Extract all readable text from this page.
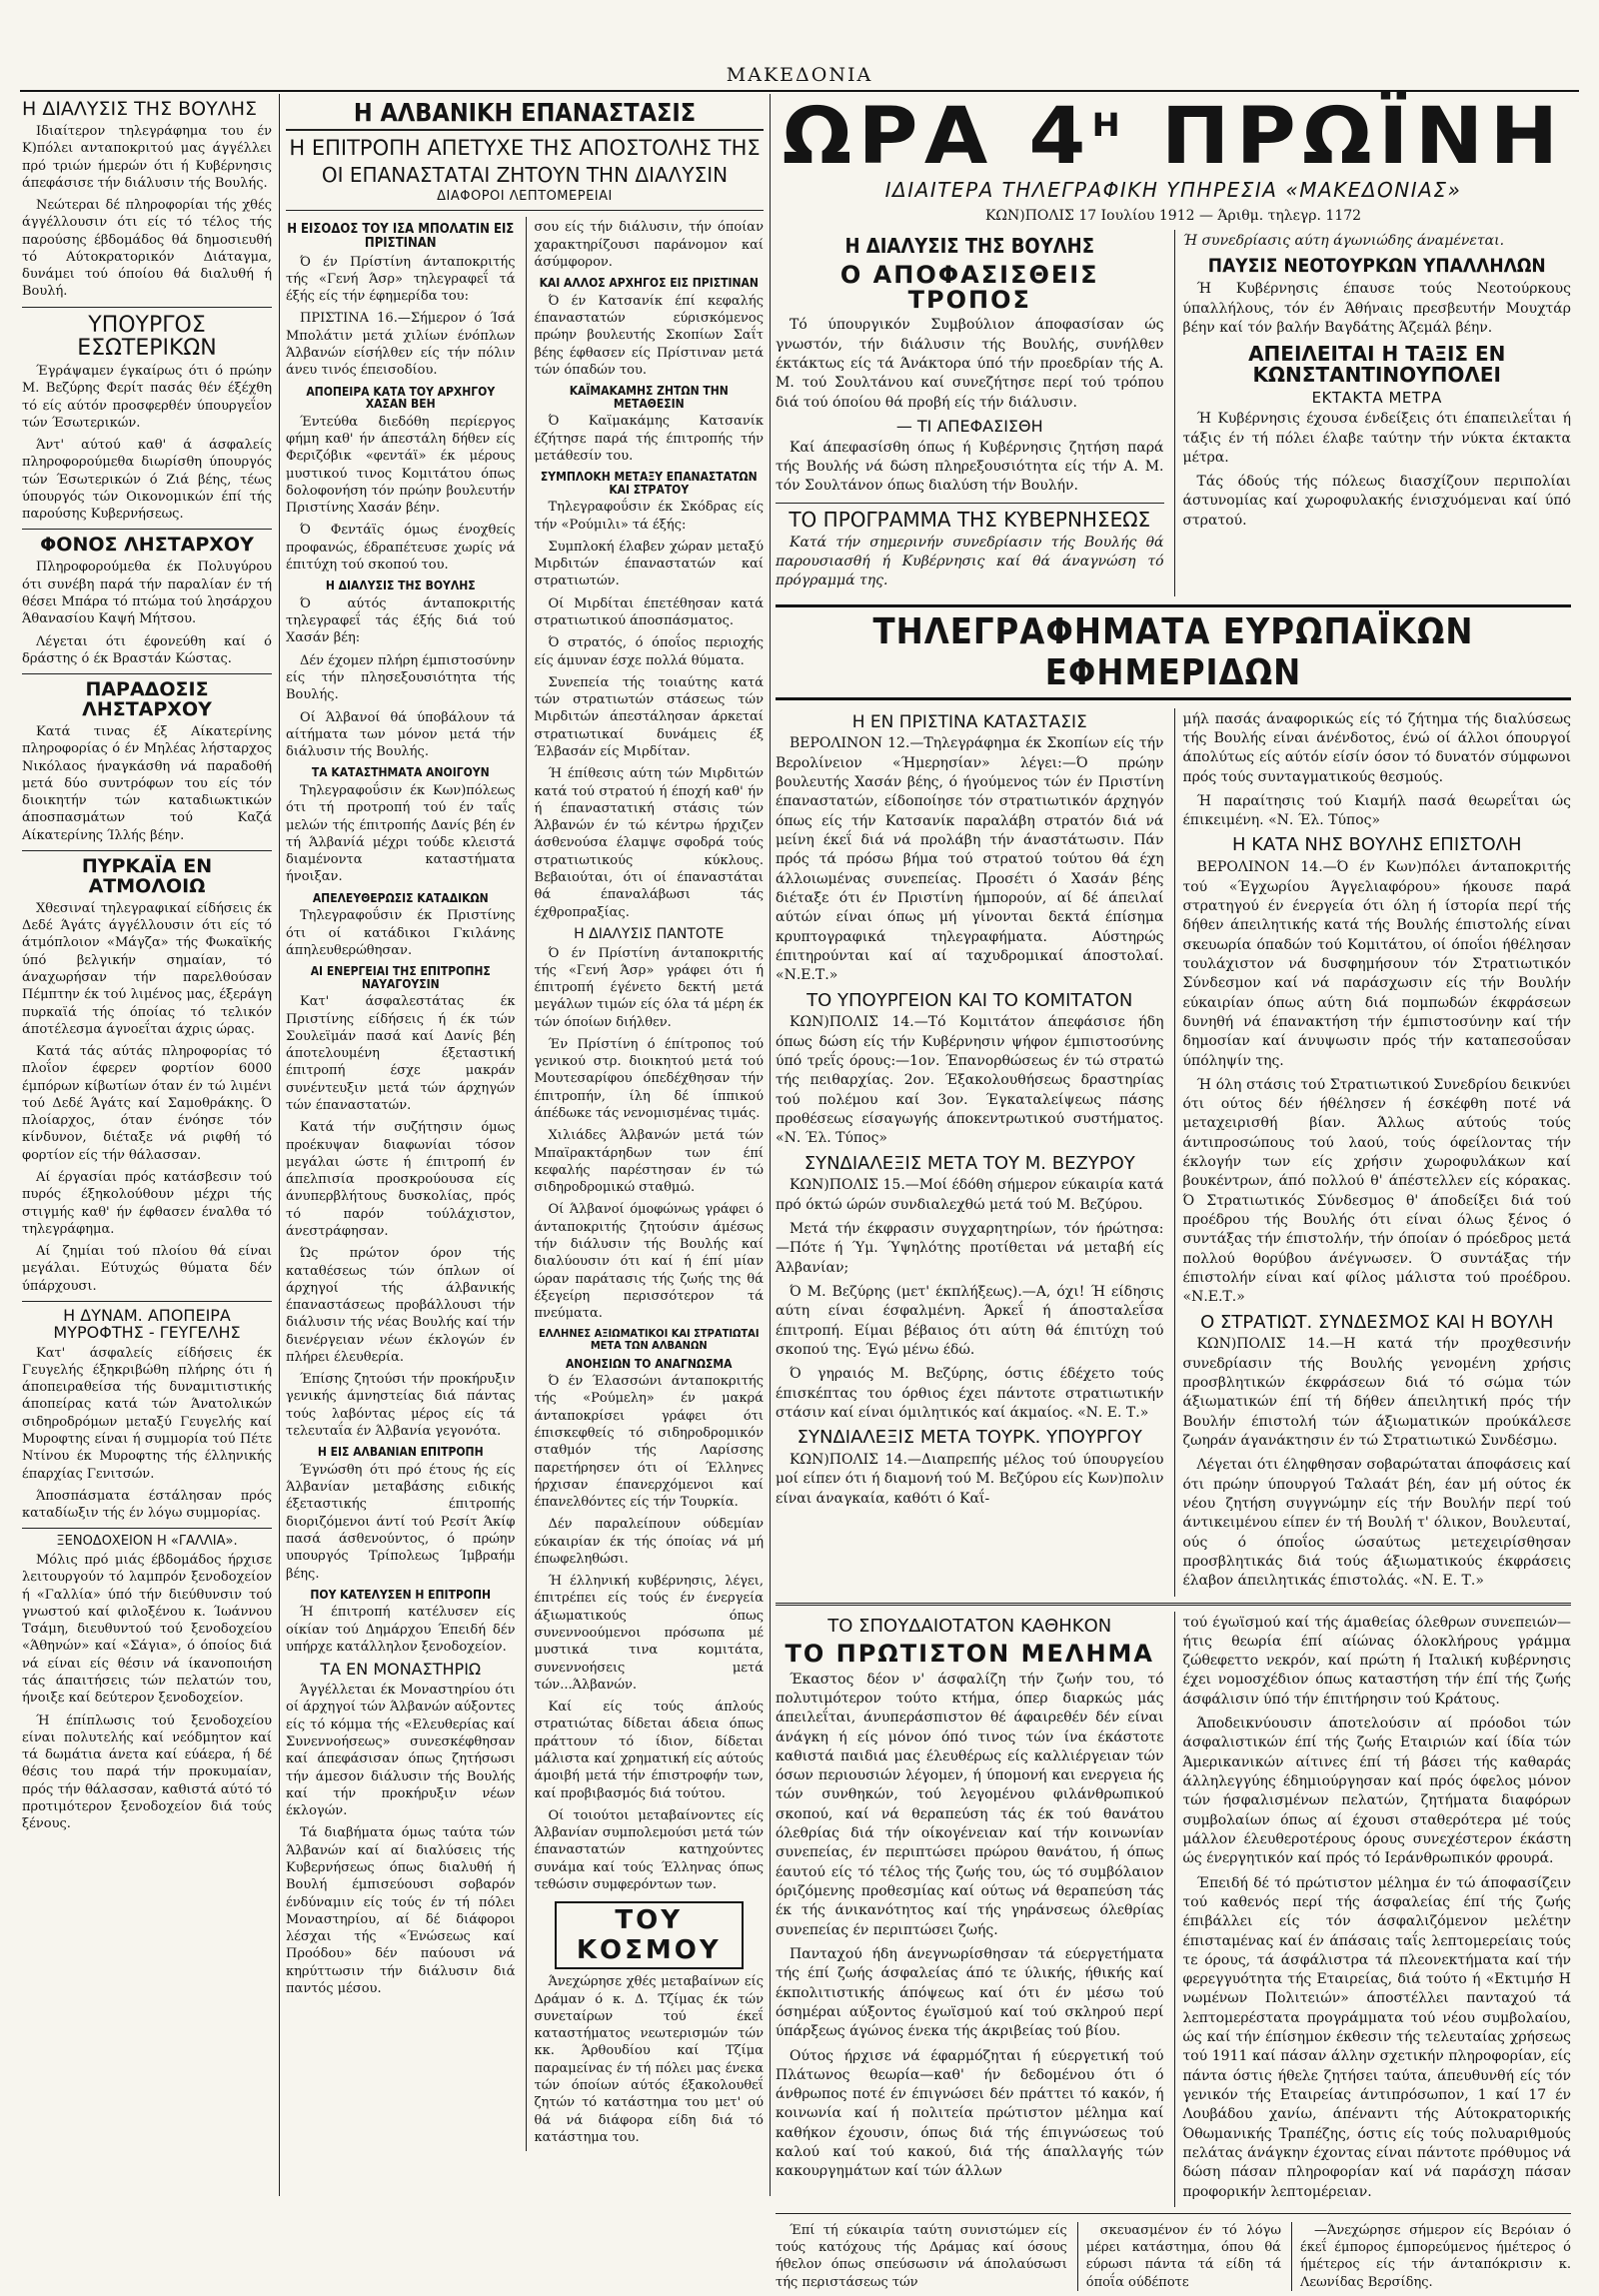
ΜΑΚΕΔΟΝΙΑ
Η ΔΙΑΛΥΣΙΣ ΤΗΣ ΒΟΥΛΗΣ

Ιδιαίτερον τηλεγράφημα του έν Κ)πόλει ανταποκριτού μας άγγέλλει πρό τριών ήμερών ότι ή Κυβέρνησις άπεφάσισε τήν διάλυσιν τής Βουλής.

Νεώτεραι δέ πληροφορίαι τής χθές άγγέλλουσιν ότι είς τό τέλος τής παρούσης έβδομάδος θά δημοσιευθή τό Αύτοκρατορικόν Διάταγμα, δυνάμει τού όποίου θά διαλυθή ή Βουλή.

ΥΠΟΥΡΓΟΣ ΕΣΩΤΕΡΙΚΩΝ

Έγράψαμεν έγκαίρως ότι ό πρώην Μ. Βεζύρης Φερίτ πασάς θέν έξέχθη τό είς αύτόν προσφερθέν ύπουργεΐον τών Έσωτερικών.

Άντ' αύτού καθ' ά άσφαλείς πληροφορούμεθα διωρίσθη ύπουργός τών Έσωτερικών ό Ζιά βέης, τέως ύπουργός τών Οικονομικών έπί τής παρούσης Κυβερνήσεως.

ΦΟΝΟΣ ΛΗΣΤΑΡΧΟΥ

Πληροφορούμεθα έκ Πολυγύρου ότι συνέβη παρά τήν παραλίαν έν τή θέσει Μπάρα τό πτώμα τού λησάρχου Άθανασίου Καψή Μήτσου.

Λέγεται ότι έφονεύθη καί ό δράστης ό έκ Βραστάν Κώστας.

ΠΑΡΑΔΟΣΙΣ ΛΗΣΤΑΡΧΟΥ

Κατά τινας έξ Αίκατερίνης πληροφορίας ό έν Μηλέας λήσταρχος Νικόλαος ήναγκάσθη νά παραδοθή μετά δύο συντρόφων του είς τόν διοικητήν τών καταδιωκτικών άποσπασμάτων τού Καζά Αίκατερίνης Ίλλής βέην.

ΠΥΡΚΑΪΑ ΕΝ ΑΤΜΟΛΟΙΩ

Χθεσιναί τηλεγραφικαί είδήσεις έκ Δεδέ Άγάτς άγγέλλουσιν ότι είς τό άτμόπλοιον «Μάγζα» τής Φωκαϊκής ύπό βελγικήν σημαίαν, τό άναχωρήσαν τήν παρελθούσαν Πέμπτην έκ τού λιμένος μας, έξεράγη πυρκαϊά τής όποίας τό τελικόν άποτέλεσμα άγνοεΐται άχρις ώρας.

Κατά τάς αύτάς πληροφορίας τό πλοΐον έφερεν φορτίον 6000 έμπόρων κίβωτίων όταν έν τώ λιμένι τού Δεδέ Άγάτς καί Σαμοθράκης. Ό πλοίαρχος, όταν ένόησε τόν κίνδυνον, διέταξε νά ριφθή τό φορτίον είς τήν θάλασσαν.

Αί έργασίαι πρός κατάσβεσιν τού πυρός έξηκολούθουν μέχρι τής στιγμής καθ' ήν έφθασεν έναλθα τό τηλεγράφημα.

Αί ζημίαι τού πλοίου θά είναι μεγάλαι. Εύτυχώς θύματα δέν ύπάρχουσι.

Η ΔΥΝΑΜ. ΑΠΟΠΕΙΡΑ ΜΥΡΟΦΤΗΣ - ΓΕΥΓΕΛΗΣ

Κατ' άσφαλείς είδήσεις έκ Γευγελής έξηκριβώθη πλήρης ότι ή άποπειραθείσα τής δυναμιτιστικής άποπείρας κατά τών Άνατολικών σιδηροδρόμων μεταξύ Γευγελής καί Μυροφτης είναι ή συμμορία τού Πέτε Ντίνου έκ Μυροφτης τής έλληνικής έπαρχίας Γενιτσών.

Άποσπάσματα έστάλησαν πρός καταδίωξιν τής έν λόγω συμμορίας.

ΞΕΝΟΔΟΧΕΙΟΝ Η «ΓΑΛΛΙΑ».

Μόλις πρό μιάς έβδομάδος ήρχισε λειτουργούν τό λαμπρόν ξενοδοχείον ή «Γαλλία» ύπό τήν διεύθυνσιν τού γνωστού καί φιλοξένου κ. Ίωάννου Τσάμη, διευθυντού τού ξενοδοχείου «Άθηνών» καί «Σάγια», ό όποίος διά νά είναι είς θέσιν νά ίκανοποιήση τάς άπαιτήσεις τών πελατών του, ήνοιξε καί δεύτερον ξενοδοχείον.

Ή έπίπλωσις τού ξενοδοχείου είναι πολυτελής καί νεόδμητον καί τά δωμάτια άνετα καί εύάερα, ή δέ θέσις του παρά τήν προκυμαίαν, πρός τήν θάλασσαν, καθιστά αύτό τό προτιμότερον ξενοδοχείον διά τούς ξένους.

Η ΑΛΒΑΝΙΚΗ ΕΠΑΝΑΣΤΑΣΙΣ
Η ΕΠΙΤΡΟΠΗ ΑΠΕΤΥΧΕ ΤΗΣ ΑΠΟΣΤΟΛΗΣ ΤΗΣ
ΟΙ ΕΠΑΝΑΣΤΑΤΑΙ ΖΗΤΟΥΝ ΤΗΝ ΔΙΑΛΥΣΙΝ
ΔΙΑΦΟΡΟΙ ΛΕΠΤΟΜΕΡΕΙΑΙ
Η ΕΙΣΟΔΟΣ ΤΟΥ ΙΣΑ ΜΠΟΛΑΤΙΝ ΕΙΣ ΠΡΙΣΤΙΝΑΝ

Ό έν Πρίστίνη άνταποκριτής τής «Γενή Άσρ» τηλεγραφεΐ τά έξής είς τήν έφημερίδα του:

ΠΡΙΣΤΙΝΑ 16.—Σήμερον ό Ίσά Μπολάτιν μετά χιλίων ένόπλων Άλβανών είσήλθεν είς τήν πόλιν άνευ τινός έπεισοδίου.

ΑΠΟΠΕΙΡΑ ΚΑΤΑ ΤΟΥ ΑΡΧΗΓΟΥ ΧΑΣΑΝ ΒΕΗ

Έντεύθα διεδόθη περίεργος φήμη καθ' ήν άπεστάλη δήθεν είς Φεριζόβικ «φεντάϊ» έκ μέρους μυστικού τινος Κομιτάτου όπως δολοφονήση τόν πρώην βουλευτήν Πριστίνης Χασάν βέην.

Ό Φεντάϊς όμως ένοχθείς προφανώς, έδραπέτευσε χωρίς νά έπιτύχη τού σκοπού του.

Η ΔΙΑΛΥΣΙΣ ΤΗΣ ΒΟΥΛΗΣ

Ό αύτός άνταποκριτής τηλεγραφεΐ τάς έξής διά τού Χασάν βέη:

Δέν έχομεν πλήρη έμπιστοσύνην είς τήν πλησεξουσιότητα τής Βουλής.

Οί Άλβανοί θά ύποβάλουν τά αίτήματα των μόνον μετά τήν διάλυσιν τής Βουλής.

ΤΑ ΚΑΤΑΣΤΗΜΑΤΑ ΑΝΟΙΓΟΥΝ

Τηλεγραφοΰσιν έκ Κων)πόλεως ότι τή προτροπή τού έν ταΐς μελών τής έπιτροπής Δανίς βέη έν τή Άλβανίά μέχρι τούδε κλειστά διαμένοντα καταστήματα ήνοιξαν.

ΑΠΕΛΕΥΘΕΡΩΣΙΣ ΚΑΤΑΔΙΚΩΝ

Τηλεγραφοΰσιν έκ Πριστίνης ότι οί κατάδικοι Γκιλάνης άπηλευθερώθησαν.

ΑΙ ΕΝΕΡΓΕΙΑΙ ΤΗΣ ΕΠΙΤΡΟΠΗΣ ΝΑΥΑΓΟΥΣΙΝ

Κατ' άσφαλεστάτας έκ Πριστίνης είδήσεις ή έκ τών Σουλεϊμάν πασά καί Δανίς βέη άποτελουμένη έξεταστική έπιτροπή έσχε μακράν συνέντευξιν μετά τών άρχηγών τών έπαναστατών.

Κατά τήν συζήτησιν όμως προέκυψαν διαφωνίαι τόσον μεγάλαι ώστε ή έπιτροπή έν άπελπισία προσκρούουσα είς άνυπερβλήτους δυσκολίας, πρός τό παρόν τούλάχιστον, άνεστράφησαν.

Ώς πρώτον όρον τής καταθέσεως τών όπλων οί άρχηγοί τής άλβανικής έπαναστάσεως προβάλλουσι τήν διάλυσιν τής νέας Βουλής καί τήν διενέργειαν νέων έκλογών έν πλήρει έλευθερία.

Έπίσης ζητούσι τήν προκήρυξιν γενικής άμνηστείας διά πάντας τούς λαβόντας μέρος είς τά τελευταΐα έν Άλβανία γεγονότα.

Η ΕΙΣ ΑΛΒΑΝΙΑΝ ΕΠΙΤΡΟΠΗ

Έγνώσθη ότι πρό έτους ής είς Άλβανίαν μεταβάσης ειδικής έξεταστικής έπιτροπής διοριζόμενοι άντί τού Ρεσίτ Άκίφ πασά άσθενούντος, ό πρώην υπουργός Τρίπολεως Ίμβραήμ βέης.

ΠΟΥ ΚΑΤΕΛΥΣΕΝ Η ΕΠΙΤΡΟΠΗ

Ή έπιτροπή κατέλυσεν είς οίκίαν τού Δημάρχου Έπειδή δέν υπήρχε κατάλληλον ξενοδοχείον.

ΤΑ ΕΝ ΜΟΝΑΣΤΗΡΙΩ

Άγγέλλεται έκ Μοναστηρίου ότι οί άρχηγοί τών Άλβανών αύξοντες είς τό κόμμα τής «Ελευθερίας καί Συνεννοήσεως» συνεσκέφθησαν καί άπεφάσισαν όπως ζητήσωσι τήν άμεσον διάλυσιν τής Βουλής καί τήν προκήρυξιν νέων έκλογών.

Τά διαβήματα όμως ταύτα τών Άλβανών καί αί διαλύσεις τής Κυβερνήσεως όπως διαλυθή ή Βουλή έμπισεύουσι σοβαρόν ένδύναμιν είς τούς έν τή πόλει Μοναστηρίου, αί δέ διάφοροι λέσχαι τής «Ένώσεως καί Προόδου» δέν παύουσι νά κηρύττωσιν τήν διάλυσιν διά παντός μέσου.

σου είς τήν διάλυσιν, τήν όποίαν χαρακτηρίζουσι παράνομον καί άσύμφορον.

ΚΑΙ ΑΛΛΟΣ ΑΡΧΗΓΟΣ ΕΙΣ ΠΡΙΣΤΙΝΑΝ

Ό έν Κατσανίκ έπί κεφαλής έπαναστατών εύρισκόμενος πρώην βουλευτής Σκοπίων Σαΐτ βέης έφθασεν είς Πρίστιναν μετά τών όπαδών του.

ΚΑΪΜΑΚΑΜΗΣ ΖΗΤΩΝ ΤΗΝ ΜΕΤΑΘΕΣΙΝ

Ό Καϊμακάμης Κατσανίκ έζήτησε παρά τής έπιτροπής τήν μετάθεσίν του.

ΣΥΜΠΛΟΚΗ ΜΕΤΑΞΥ ΕΠΑΝΑΣΤΑΤΩΝ ΚΑΙ ΣΤΡΑΤΟΥ

Τηλεγραφοΰσιν έκ Σκόδρας είς τήν «Ρούμιλι» τά έξής:

Συμπλοκή έλαβεν χώραν μεταξύ Μιρδιτών έπαναστατών καί στρατιωτών.

Οί Μιρδίται έπετέθησαν κατά στρατιωτικού άποσπάσματος.

Ό στρατός, ό όποΐος περιοχής είς άμυναν έσχε πολλά θύματα.

Συνεπεία τής τοιαύτης κατά τών στρατιωτών στάσεως τών Μιρδιτών άπεστάλησαν άρκεταί στρατιωτικαί δυνάμεις έξ Έλβασάν είς Μιρδίταν.

Ή έπίθεσις αύτη τών Μιρδιτών κατά τού στρατού ή έποχή καθ' ήν ή έπαναστατική στάσις τών Άλβανών έν τώ κέντρω ήρχιζεν άσθενούσα έλαμψε σφοδρά τούς στρατιωτικούς κύκλους. Βεβαιούται, ότι οί έπαναστάται θά έπαναλάβωσι τάς έχθροπραξίας.

Η ΔΙΑΛΥΣΙΣ ΠΑΝΤΟΤΕ

Ό έν Πρίστίνη άνταποκριτής τής «Γενή Άσρ» γράφει ότι ή έπιτροπή έγένετο δεκτή μετά μεγάλων τιμών είς όλα τά μέρη έκ τών όποίων διήλθεν.

Έν Πρίστίνη ό έπίτροπος τού γενικού στρ. διοικητού μετά τού Μουτεσαρίφου όπεδέχθησαν τήν έπιτροπήν, ίλη δέ ίππικού άπέδωκε τάς νενομισμένας τιμάς.

Χιλιάδες Άλβανών μετά τών Μπαϊρακτάρηδων των έπί κεφαλής παρέστησαν έν τώ σιδηροδρομικώ σταθμώ.

Οί Άλβανοί όμοφώνως γράφει ό άνταποκριτής ζητούσιν άμέσως τήν διάλυσιν τής Βουλής καί διαλύουσιν ότι καί ή έπί μίαν ώραν παράτασις τής ζωής της θά έξεγείρη περισσότερον τά πνεύματα.

ΕΛΛΗΝΕΣ ΑΞΙΩΜΑΤΙΚΟΙ ΚΑΙ ΣΤΡΑΤΙΩΤΑΙ ΜΕΤΑ ΤΩΝ ΑΛΒΑΝΩΝ
ΑΝΟΗΣΙΩΝ ΤΟ ΑΝΑΓΝΩΣΜΑ

Ό έν Έλασσώνι άνταποκριτής τής «Ρούμελη» έν μακρά άνταποκρίσει γράφει ότι έπισκεφθείς τό σιδηροδρομικόν σταθμόν τής Λαρίσσης παρετήρησεν ότι οί Έλληνες ήρχισαν έπανερχόμενοι καί έπανελθόντες είς τήν Τουρκία.

Δέν παραλείπουν ούδεμίαν εύκαιρίαν έκ τής όποίας νά μή έπωφεληθώσι.

Ή έλληνική κυβέρνησις, λέγει, έπιτρέπει είς τούς έν ένεργεία άξιωματικούς όπως συνεννοούμενοι πρόσωπα μέ μυστικά τινα κομιτάτα, συνεννοήσεις μετά τών...Άλβανών.

Καί είς τούς άπλούς στρατιώτας δίδεται άδεια όπως πράττουν τό ίδιον, δίδεται μάλιστα καί χρηματική είς αύτούς άμοιβή μετά τήν έπιστροφήν των, καί προβιβασμός διά τούτου.

Οί τοιούτοι μεταβαίνοντες είς Άλβανίαν συμπολεμούσι μετά τών έπαναστατών κατηχούντες συνάμα καί τούς Έλληνας όπως τεθώσιν συμφερόντων των.

ΤΟΥ ΚΟΣΜΟΥ

Άνεχώρησε χθές μεταβαίνων είς Δράμαν ό κ. Δ. Τζίμας έκ τών συνεταίρων τού έκεΐ καταστήματος νεωτερισμών τών κκ. Άρθουδίου καί Τζίμα παραμείνας έν τή πόλει μας ένεκα τών όποίων αύτός έξακολουθεΐ ζητών τό κατάστημα του μετ' ού θά νά διάφορα είδη διά τό κατάστημα του.

ΩΡΑ $4^H$ ΠΡΩΪΝΗ
ΙΔΙΑΙΤΕΡΑ ΤΗΛΕΓΡΑΦΙΚΗ ΥΠΗΡΕΣΙΑ «ΜΑΚΕΔΟΝΙΑΣ»
ΚΩΝ)ΠΟΛΙΣ 17 Ιουλίου 1912 — Άριθμ. τηλεγρ. 1172
Η ΔΙΑΛΥΣΙΣ ΤΗΣ ΒΟΥΛΗΣ
Ο ΑΠΟΦΑΣΙΣΘΕΙΣ ΤΡΟΠΟΣ

Τό ύπουργικόν Συμβούλιον άποφασίσαν ώς γνωστόν, τήν διάλυσιν τής Βουλής, συνήλθεν έκτάκτως είς τά Άνάκτορα ύπό τήν προεδρίαν τής Α. Μ. τού Σουλτάνου καί συνεζήτησε περί τού τρόπου διά τού όποίου θά προβή είς τήν διάλυσιν.

— ΤΙ ΑΠΕΦΑΣΙΣΘΗ

Καί άπεφασίσθη όπως ή Κυβέρνησις ζητήση παρά τής Βουλής νά δώση πληρεξουσιότητα είς τήν Α. Μ. τόν Σουλτάνον όπως διαλύση τήν Βουλήν.

ΤΟ ΠΡΟΓΡΑΜΜΑ ΤΗΣ ΚΥΒΕΡΝΗΣΕΩΣ

Κατά τήν σημερινήν συνεδρίασιν τής Βουλής θά παρουσιασθή ή Κυβέρνησις καί θά άναγνώση τό πρόγραμμά της.

Ή συνεδρίασις αύτη άγωνιώδης άναμένεται.

ΠΑΥΣΙΣ ΝΕΟΤΟΥΡΚΩΝ ΥΠΑΛΛΗΛΩΝ

Ή Κυβέρνησις έπαυσε τούς Νεοτούρκους ύπαλλήλους, τόν έν Άθήναις πρεσβευτήν Μουχτάρ βέην καί τόν βαλήν Βαγδάτης Άζεμάλ βέην.

ΑΠΕΙΛΕΙΤΑΙ Η ΤΑΞΙΣ ΕΝ ΚΩΝΣΤΑΝΤΙΝΟΥΠΟΛΕΙ
ΕΚΤΑΚΤΑ ΜΕΤΡΑ

Ή Κυβέρνησις έχουσα ένδείξεις ότι έπαπειλεΐται ή τάξις έν τή πόλει έλαβε ταύτην τήν νύκτα έκτακτα μέτρα.

Τάς όδούς τής πόλεως διασχίζουν περιπολίαι άστυνομίας καί χωροφυλακής ένισχυόμεναι καί ύπό στρατού.

ΤΗΛΕΓΡΑΦΗΜΑΤΑ ΕΥΡΩΠΑΪΚΩΝ ΕΦΗΜΕΡΙΔΩΝ
Η ΕΝ ΠΡΙΣΤΙΝΑ ΚΑΤΑΣΤΑΣΙΣ

ΒΕΡΟΛΙΝΟΝ 12.—Τηλεγράφημα έκ Σκοπίων είς τήν Βερολίνειον «Ήμερησίαν» λέγει:—Ό πρώην βουλευτής Χασάν βέης, ό ήγούμενος τών έν Πριστίνη έπαναστατών, είδοποίησε τόν στρατιωτικόν άρχηγόν όπως είς τήν Κατσανίκ παραλάβη στρατόν διά νά μείνη έκεΐ διά νά προλάβη τήν άναστάτωσιν. Πάν πρός τά πρόσω βήμα τού στρατού τούτου θά έχη άλλοιωμένας συνεπείας. Προσέτι ό Χασάν βέης διέταξε ότι έν Πριστίνη ήμπορούν, αί δέ άπειλαί αύτών είναι όπως μή γίνονται δεκτά έπίσημα κρυπτογραφικά τηλεγραφήματα. Αύστηρώς έπιτηρούνται καί αί ταχυδρομικαί άποστολαί. «Ν.Ε.Τ.»

ΤΟ ΥΠΟΥΡΓΕΙΟΝ ΚΑΙ ΤΟ ΚΟΜΙΤΑΤΟΝ

ΚΩΝ)ΠΟΛΙΣ 14.—Τό Κομιτάτον άπεφάσισε ήδη όπως δώση είς τήν Κυβέρνησιν ψήφον έμπιστοσύνης ύπό τρεΐς όρους:—1ον. Έπανορθώσεως έν τώ στρατώ τής πειθαρχίας. 2ον. Έξακολουθήσεως δραστηρίας τού πολέμου καί 3ον. Έγκαταλείψεως πάσης προθέσεως είσαγωγής άποκεντρωτικού συστήματος. «Ν. Έλ. Τύπος»

ΣΥΝΔΙΑΛΕΞΙΣ ΜΕΤΑ ΤΟΥ Μ. ΒΕΖΥΡΟΥ

ΚΩΝ)ΠΟΛΙΣ 15.—Μοί έδόθη σήμερον εύκαιρία κατά πρό όκτώ ώρών συνδιαλεχθώ μετά τού Μ. Βεζύρου.

Μετά τήν έκφρασιν συγχαρητηρίων, τόν ήρώτησα:—Πότε ή Ύμ. Ύψηλότης προτίθεται νά μεταβή είς Άλβανίαν;

Ό Μ. Βεζύρης (μετ' έκπλήξεως).—Α, όχι! Ή είδησις αύτη είναι έσφαλμένη. Άρκεΐ ή άποσταλεΐσα έπιτροπή. Είμαι βέβαιος ότι αύτη θά έπιτύχη τού σκοπού της. Έγώ μένω έδώ.

Ό γηραιός Μ. Βεζύρης, όστις έδέχετο τούς έπισκέπτας του όρθιος έχει πάντοτε στρατιωτικήν στάσιν καί είναι όμιλητικός καί άκμαίος. «Ν. Ε. Τ.»

ΣΥΝΔΙΑΛΕΞΙΣ ΜΕΤΑ ΤΟΥΡΚ. ΥΠΟΥΡΓΟΥ

ΚΩΝ)ΠΟΛΙΣ 14.—Διαπρεπής μέλος τού ύπουργείου μοί είπεν ότι ή διαμονή τού Μ. Βεζύρου είς Κων)πολιν είναι άναγκαία, καθότι ό Καΐ-

μήλ πασάς άναφορικώς είς τό ζήτημα τής διαλύσεως τής Βουλής είναι άνένδοτος, ένώ οί άλλοι όπουργοί άπολύτως είς αύτόν είσίν όσον τό δυνατόν σύμφωνοι πρός τούς συνταγματικούς θεσμούς.

Ή παραίτησις τού Κιαμήλ πασά θεωρεΐται ώς έπικειμένη. «Ν. Έλ. Τύπος»

Η ΚΑΤΑ ΝΗΣ ΒΟΥΛΗΣ ΕΠΙΣΤΟΛΗ

ΒΕΡΟΛΙΝΟΝ 14.—Ό έν Κων)πόλει άνταποκριτής τού «Έγχωρίου Άγγελιαφόρου» ήκουσε παρά στρατηγού έν ένεργεία ότι όλη ή ίστορία περί τής δήθεν άπειλητικής κατά τής Βουλής έπιστολής είναι σκευωρία όπαδών τού Κομιτάτου, οί όποΐοι ήθέλησαν τουλάχιστον νά δυσφημήσουν τόν Στρατιωτικόν Σύνδεσμον καί νά παράσχωσιν είς τήν Βουλήν εύκαιρίαν όπως αύτη διά πομπωδών έκφράσεων δυνηθή νά έπανακτήση τήν έμπιστοσύνην καί τήν δημοσίαν καί άνυψωσιν πρός τήν καταπεσοΰσαν ύπόληψίν της.

Ή όλη στάσις τού Στρατιωτικού Συνεδρίου δεικνύει ότι ούτος δέν ήθέλησεν ή έσκέφθη ποτέ νά μεταχειρισθή βίαν. Άλλως αύτούς τούς άντιπροσώπους τού λαού, τούς όφείλοντας τήν έκλογήν των είς χρήσιν χωροφυλάκων καί βουκέντρων, άπό πολλού θ' άπέστελλεν είς κόρακας. Ό Στρατιωτικός Σύνδεσμος θ' άποδείξει διά τού προέδρου τής Βουλής ότι είναι όλως ξένος ό συντάξας τήν έπιστολήν, τήν όποίαν ό πρόεδρος μετά πολλού θορύβου άνέγνωσεν. Ό συντάξας τήν έπιστολήν είναι καί φίλος μάλιστα τού προέδρου. «Ν.Ε.Τ.»

Ο ΣΤΡΑΤΙΩΤ. ΣΥΝΔΕΣΜΟΣ ΚΑΙ Η ΒΟΥΛΗ

ΚΩΝ)ΠΟΛΙΣ 14.—Η κατά τήν προχθεσινήν συνεδρίασιν τής Βουλής γενομένη χρήσις προσβλητικών έκφράσεων διά τό σώμα τών άξιωματικών έπί τή δήθεν άπειλητική πρός τήν Βουλήν έπιστολή τών άξιωματικών προύκάλεσε ζωηράν άγανάκτησιν έν τώ Στρατιωτικώ Συνδέσμω.

Λέγεται ότι έληφθησαν σοβαρώταται άποφάσεις καί ότι πρώην ύπουργού Ταλαάτ βέη, έαν μή ούτος έκ νέου ζητήση συγγνώμην είς τήν Βουλήν περί τού άντικειμένου είπεν έν τή Βουλή τ' όλικον, Βουλευταί, ούς ό όποΐος ώσαύτως μετεχειρίσθησαν προσβλητικάς διά τούς άξιωματικούς έκφράσεις έλαβον άπειλητικάς έπιστολάς. «Ν. Ε. Τ.»

ΤΟ ΣΠΟΥΔΑΙΟΤΑΤΟΝ ΚΑΘΗΚΟΝ
ΤΟ ΠΡΩΤΙΣΤΟΝ ΜΕΛΗΜΑ

Έκαστος δέον ν' άσφαλίζη τήν ζωήν του, τό πολυτιμότερον τούτο κτήμα, όπερ διαρκώς μάς άπειλεΐται, άνυπεράσπιστον θέ άφαιρεθέν δέν είναι άνάγκη ή είς μόνον όπό τινος τών ίνα έκάστοτε καθιστά παιδιά μας έλευθέρως είς καλλιέργειαν τών όσων περιουσιών λέγομεν, ή ύπομονή και ενεργεια ής τών συνθηκών, τού λεγομένου φιλάνθρωπικού σκοπού, καί νά θεραπεύση τάς έκ τού θανάτου όλεθρίας διά τήν οίκογένειαν καί τήν κοινωνίαν συνεπείας, έν περιπτώσει πρώρου θανάτου, ή όπως έαυτού είς τό τέλος τής ζωής του, ώς τό συμβόλαιον όριζόμενης προθεσμίας καί ούτως νά θεραπεύση τάς έκ τής άνικανότητος καί τής γηράνσεως όλεθρίας συνεπείας έν περιπτώσει ζωής.

Πανταχού ήδη άνεγνωρίσθησαν τά εύεργετήματα τής έπί ζωής άσφαλείας άπό τε ύλικής, ήθικής καί έκπολιτιστικής άπόψεως καί ότι έν μέσω τού όσημέραι αύξοντος έγωϊσμού καί τού σκληρού περί ύπάρξεως άγώνος ένεκα τής άκριβείας τού βίου.

Ούτος ήρχισε νά έφαρμόζηται ή εύεργετική τού Πλάτωνος θεωρία—καθ' ήν δεδομένου ότι ό άνθρωπος ποτέ έν έπιγνώσει δέν πράττει τό κακόν, ή κοινωνία καί ή πολιτεία πρώτιστον μέλημα καί καθήκον έχουσιν, όπως διά τής έπιγνώσεως τού καλού καί τού κακού, διά τής άπαλλαγής τών κακουργημάτων καί τών άλλων

τού έγωϊσμού καί τής άμαθείας όλεθρων συνεπειών—ήτις θεωρία έπί αίώνας όλοκλήρους γράμμα ζώθεφεττο νεκρόν, καί πρώτη ή Ιταλική κυβέρνησις έχει νομοσχέδιον όπως καταστήση τήν έπί τής ζωής άσφάλισιν ύπό τήν έπιτήρησιν τού Κράτους.

Άποδεικνύουσιν άποτελούσιν αί πρόοδοι τών άσφαλιστικών έπί τής ζωής Εταιριών καί ίδία τών Άμερικανικών αίτινες έπί τή βάσει τής καθαράς άλληλεγγύης έδημιούργησαν καί πρός όφελος μόνον τών ήσφαλισμένων πελατών, ζητήματα διαφόρων συμβολαίων όπως αί έχουσι σταθερότερα μέ τούς μάλλον έλευθεροτέρους όρους συνεχέστερον έκάστη ώς ένεργητικόν καί πρός τό Ιεράνθρωπικόν φρουρά.

Έπειδή δέ τό πρώτιστον μέλημα έν τώ άποφασίζειν τού καθενός περί τής άσφαλείας έπί τής ζωής έπιβάλλει είς τόν άσφαλιζόμενον μελέτην έπισταμένας καί έν άπάσαις ταΐς λεπτομερείαις τούς τε όρους, τά άσφάλιστρα τά πλεονεκτήματα καί τήν φερεγγυότητα τής Εταιρείας, διά τούτο ή «Εκτιμήσ Η νωμένων Πολιτειών» άποστέλλει πανταχού τά λεπτομερέστατα προγράμματα τού νέου συμβολαίου, ώς καί τήν έπίσημον έκθεσιν τής τελευταίας χρήσεως τού 1911 καί πάσαν άλλην σχετικήν πληροφορίαν, είς πάντα όστις ήθελε ζητήσει ταύτα, άπευθυνθή είς τόν γενικόν τής Εταιρείας άντιπρόσωπον, 1 καί 17 έν Λουβάδου χανίω, άπέναντι τής Αύτοκρατορικής Όθωμανικής Τραπέζης, όστις είς τούς πολυαριθμούς πελάτας άνάγκην έχοντας είναι πάντοτε πρόθυμος νά δώση πάσαν πληροφορίαν καί νά παράσχη πάσαν προφορικήν λεπτομέρειαν.

Έπί τή εύκαιρία ταύτη συνιστώμεν είς τούς κατόχους τής Δράμας καί όσους ήθελον όπως σπεύσωσιν νά άπολαύσωσι τής περιστάσεως τών

σκευασμένον έν τό λόγω μέρει κατάστημα, όπου θά εύρωσι πάντα τά είδη τά όποΐα ούδέποτε

—Άνεχώρησε σήμερον είς Βερόιαν ό έκεΐ έμπορος έμπορεύμενος ήμέτερος ό ήμέτερος είς τήν άνταπόκρισιν κ. Λεωνίδας Βερσίδης.
